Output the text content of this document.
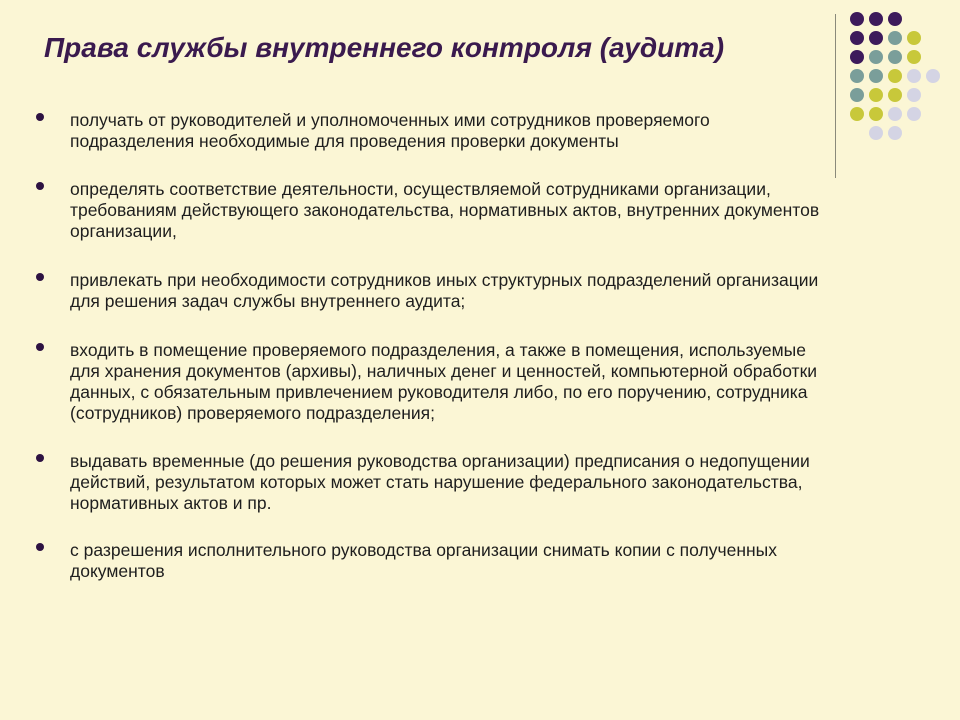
Права службы внутреннего контроля (аудита)
получать от руководителей и уполномоченных ими сотрудников проверяемого подразделения необходимые для проведения проверки документы
определять соответствие деятельности, осуществляемой сотрудниками организации, требованиям действующего законодательства, нормативных актов, внутренних документов организации,
привлекать при необходимости сотрудников иных структурных подразделений организации для решения задач службы внутреннего аудита;
входить в помещение проверяемого подразделения, а также в помещения, используемые для хранения документов (архивы), наличных денег и ценностей, компьютерной обработки данных, с обязательным привлечением руководителя либо, по его поручению, сотрудника (сотрудников) проверяемого подразделения;
выдавать временные (до решения руководства организации) предписания о недопущении действий, результатом которых может стать нарушение федерального законодательства, нормативных актов и пр.
с разрешения исполнительного руководства организации снимать копии с полученных документов
